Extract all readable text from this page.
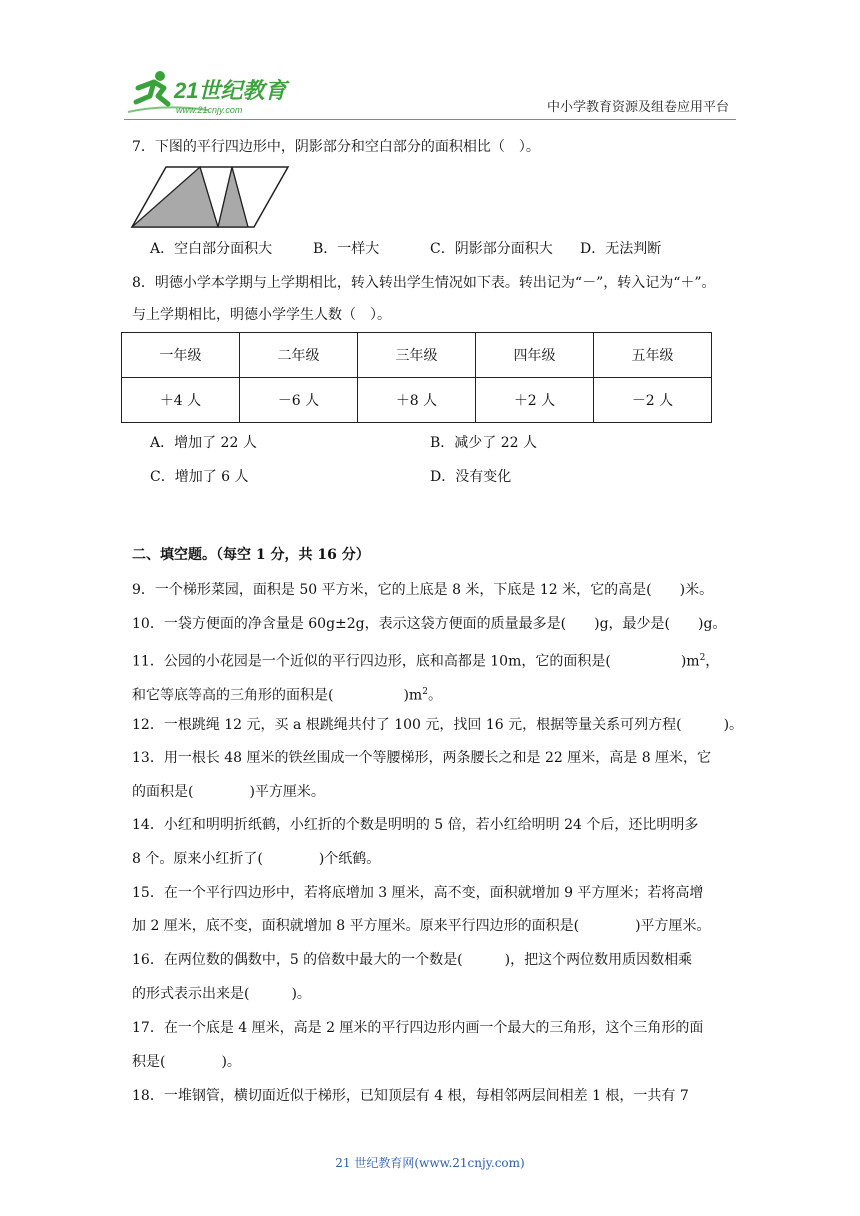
21世纪教育
www.21cnjy.com	中小学教育资源及组卷应用平台
7．下图的平行四边形中，阴影部分和空白部分的面积相比（　）。
A．空白部分面积大	B．一样大	C．阴影部分面积大 D．无法判断
8．明德小学本学期与上学期相比，转入转出学生情况如下表。转出记为“－”，转入记为“＋”。
与上学期相比，明德小学学生人数（　）。
一年级	二年级	三年级	四年级	五年级
＋4 人	－6 人	＋8 人	＋2 人	－2 人
A．增加了 22 人	B．减少了 22 人
C．增加了 6 人	D．没有变化
二、填空题。（每空 1 分，共 16 分）
9．一个梯形菜园，面积是 50 平方米，它的上底是 8 米，下底是 12 米，它的高是(　　)米。
10．一袋方便面的净含量是 60g±2g，表示这袋方便面的质量最多是(　　)g，最少是(　　)g。
11．公园的小花园是一个近似的平行四边形，底和高都是 10m，它的面积是(　　　　　)$m^2$，
和它等底等高的三角形的面积是(　　　　　)$m^2$。
12．一根跳绳 12 元，买 a 根跳绳共付了 100 元，找回 16 元，根据等量关系可列方程(　　　)。
13．用一根长 48 厘米的铁丝围成一个等腰梯形，两条腰长之和是 22 厘米，高是 8 厘米，它
的面积是(　　　　)平方厘米。
14．小红和明明折纸鹤，小红折的个数是明明的 5 倍，若小红给明明 24 个后，还比明明多
8 个。原来小红折了(　　　　)个纸鹤。
15．在一个平行四边形中，若将底增加 3 厘米，高不变，面积就增加 9 平方厘米；若将高增
加 2 厘米，底不变，面积就增加 8 平方厘米。原来平行四边形的面积是(　　　　)平方厘米。
16．在两位数的偶数中，5 的倍数中最大的一个数是(　　　)，把这个两位数用质因数相乘
的形式表示出来是(　　　)。
17．在一个底是 4 厘米，高是 2 厘米的平行四边形内画一个最大的三角形，这个三角形的面
积是(　　　　)。
18．一堆钢管，横切面近似于梯形，已知顶层有 4 根，每相邻两层间相差 1 根，一共有 7
21 世纪教育网(www.21cnjy.com)
